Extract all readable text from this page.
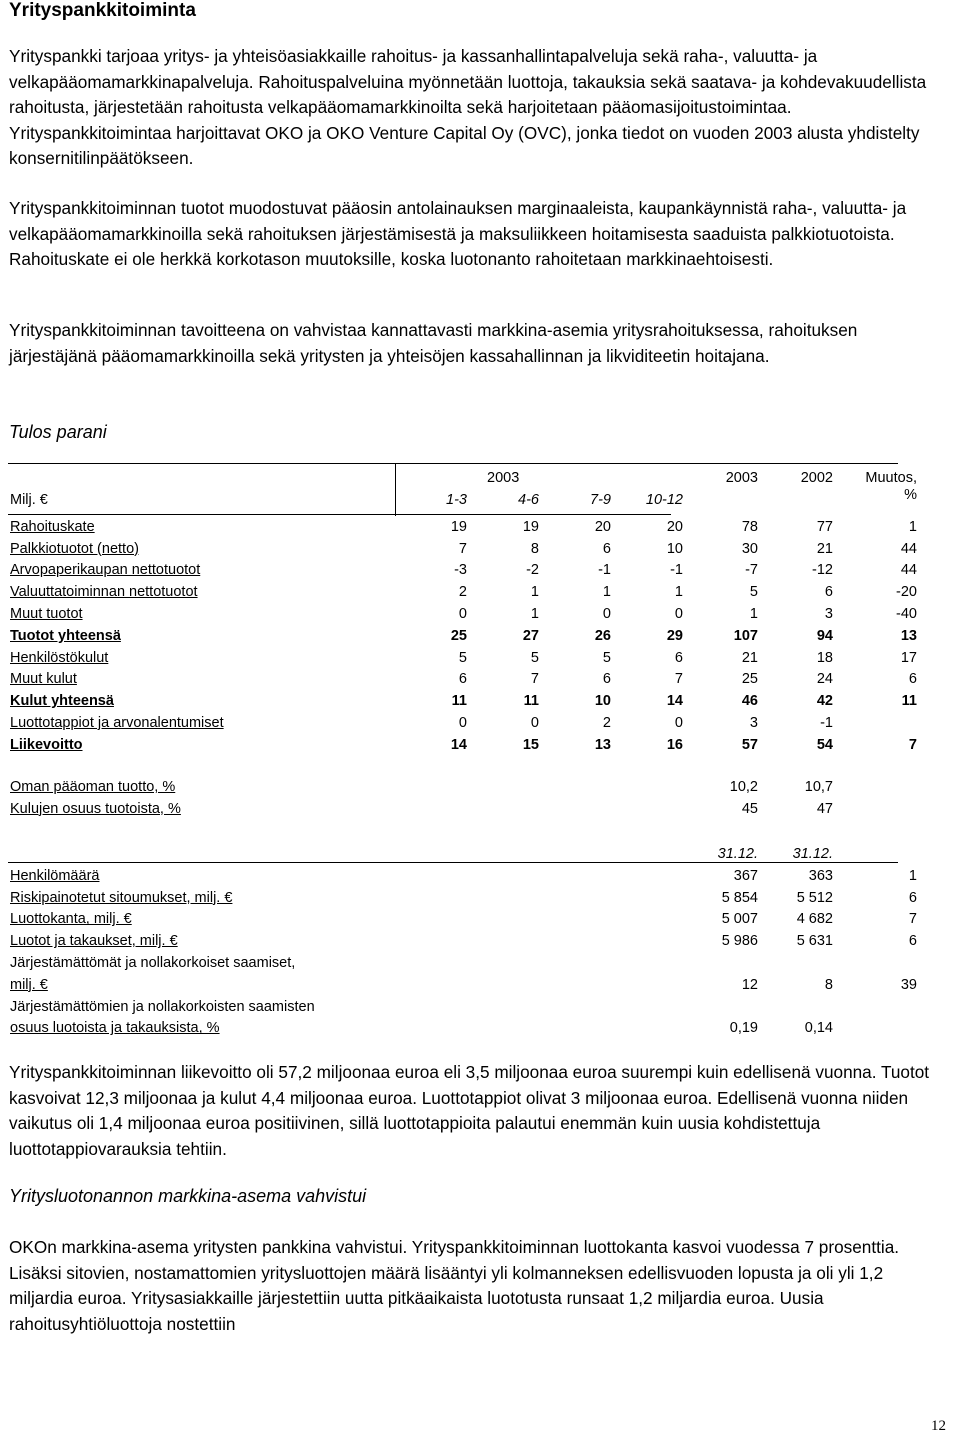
Yrityspankkitoiminta
Yrityspankki tarjoaa yritys- ja yhteisöasiakkaille rahoitus- ja kassanhallintapalveluja sekä raha-, valuutta- ja velkapääomamarkkinapalveluja. Rahoituspalveluina myönnetään luottoja, takauksia sekä saatava- ja kohdevakuudellista rahoitusta, järjestetään rahoitusta velkapääomamarkkinoilta sekä harjoitetaan pääomasijoitustoimintaa. Yrityspankkitoimintaa harjoittavat OKO ja OKO Venture Capital Oy (OVC), jonka tiedot on vuoden 2003 alusta yhdistelty konsernitilinpäätökseen.
Yrityspankkitoiminnan tuotot muodostuvat pääosin antolainauksen marginaaleista, kaupankäynnistä raha-, valuutta- ja velkapääomamarkkinoilla sekä rahoituksen järjestämisestä ja maksuliikkeen hoitamisesta saaduista palkkiotuotoista. Rahoituskate ei ole herkkä korkotason muutoksille, koska luotonanto rahoitetaan markkinaehtoisesti.
Yrityspankkitoiminnan tavoitteena on vahvistaa kannattavasti markkina-asemia yritysrahoituksessa, rahoituksen järjestäjänä pääomamarkkinoilla sekä yritysten ja yhteisöjen kassahallinnan ja likviditeetin hoitajana.
Tulos parani
		2003			2003	2002	Muutos,
Milj. €	1-3	4-6	7-9	10-12			%
Rahoituskate	19	19	20	20	78	77	1
Palkkiotuotot (netto)	7	8	6	10	30	21	44
Arvopaperikaupan nettotuotot	-3	-2	-1	-1	-7	-12	44
Valuuttatoiminnan nettotuotot	2	1	1	1	5	6	-20
Muut tuotot	0	1	0	0	1	3	-40
Tuotot yhteensä	25	27	26	29	107	94	13
Henkilöstökulut	5	5	5	6	21	18	17
Muut kulut	6	7	6	7	25	24	6
Kulut yhteensä	11	11	10	14	46	42	11
Luottotappiot ja arvonalentumiset	0	0	2	0	3	-1	
Liikevoitto	14	15	13	16	57	54	7
Oman pääoman tuotto, %					10,2	10,7	
Kulujen osuus tuotoista, %					45	47	
					31.12.	31.12.	
Henkilömäärä					367	363	1
Riskipainotetut sitoumukset, milj. €					5 854	5 512	6
Luottokanta, milj. €					5 007	4 682	7
Luotot ja takaukset, milj. €					5 986	5 631	6
Järjestämättömät ja nollakorkoiset saamiset,							
milj. €					12	8	39
Järjestämättömien ja nollakorkoisten saamisten							
osuus luotoista ja takauksista, %					0,19	0,14	
Yrityspankkitoiminnan liikevoitto oli 57,2 miljoonaa euroa eli 3,5 miljoonaa euroa suurempi kuin edellisenä vuonna. Tuotot kasvoivat 12,3 miljoonaa ja kulut 4,4 miljoonaa euroa. Luottotappiot olivat 3 miljoonaa euroa. Edellisenä vuonna niiden vaikutus oli 1,4 miljoonaa euroa positiivinen, sillä luottotappioita palautui enemmän kuin uusia kohdistettuja luottotappiovarauksia tehtiin.
Yritysluotonannon markkina-asema vahvistui
OKOn markkina-asema yritysten pankkina vahvistui. Yrityspankkitoiminnan luottokanta kasvoi vuodessa 7 prosenttia. Lisäksi sitovien, nostamattomien yritysluottojen määrä lisääntyi yli kolmanneksen edellisvuoden lopusta ja oli yli 1,2 miljardia euroa. Yritysasiakkaille järjestettiin uutta pitkäaikaista luototusta runsaat 1,2 miljardia euroa. Uusia rahoitusyhtiöluottoja nostettiin
12
